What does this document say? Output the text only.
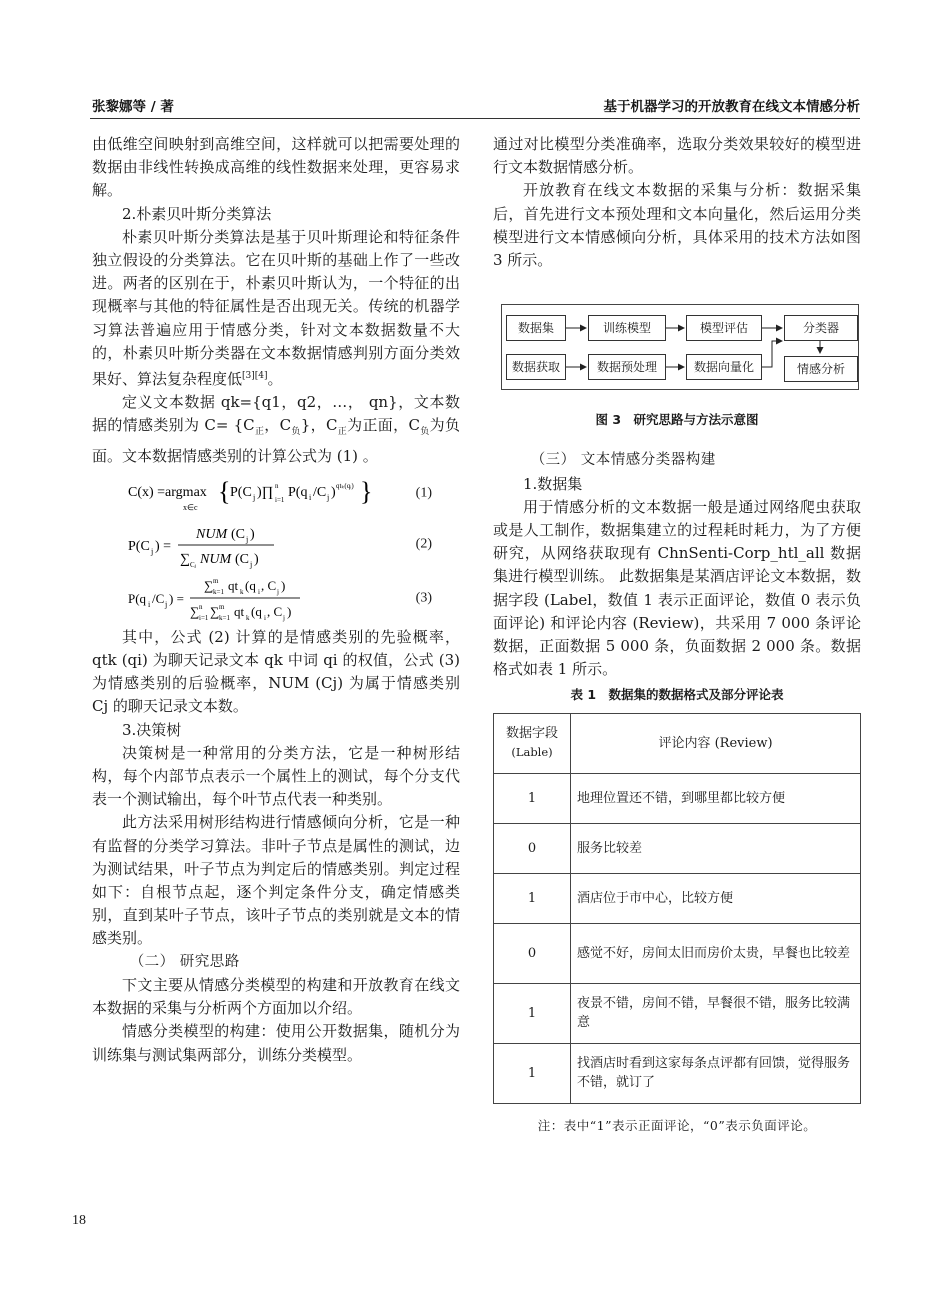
张黎娜等 / 著	基于机器学习的开放教育在线文本情感分析

由低维空间映射到高维空间，这样就可以把需要处理的数据由非线性转换成高维的线性数据来处理，更容易求解。

2.朴素贝叶斯分类算法

朴素贝叶斯分类算法是基于贝叶斯理论和特征条件独立假设的分类算法。它在贝叶斯的基础上作了一些改进。两者的区别在于，朴素贝叶斯认为，一个特征的出现概率与其他的特征属性是否出现无关。传统的机器学习算法普遍应用于情感分类，针对文本数据数量不大的，朴素贝叶斯分类器在文本数据情感判别方面分类效果好、算法复杂程度低[3][4]。

定义文本数据 qk={q1，q2，…， qn}，文本数据的情感类别为 $C= \{C_正$，$C_负$}，$C_正$为正面，$C_负$为负面。文本数据情感类别的计算公式为 (1) 。

C(x) =argmax
x∈c
{ P(C j )∏ n
i=1 P(q i /C j ) qtₖ(qᵢ) }	(1)
P(C j ) =
NUM (C j )
∑ Cⱼ NUM (C j )
(2)
P(q i /C j ) =
∑ m
k=1 qt k (q i , C j )
∑ n
i=1 ∑ m
k=1 qt k (q i , C j )
(3)

其中，公式 (2) 计算的是情感类别的先验概率，qtk (qi) 为聊天记录文本 qk 中词 qi 的权值，公式 (3) 为情感类别的后验概率，NUM (Cj) 为属于情感类别 Cj 的聊天记录文本数。

3.决策树

决策树是一种常用的分类方法，它是一种树形结构，每个内部节点表示一个属性上的测试，每个分支代表一个测试输出，每个叶节点代表一种类别。

此方法采用树形结构进行情感倾向分析，它是一种有监督的分类学习算法。非叶子节点是属性的测试，边为测试结果，叶子节点为判定后的情感类别。判定过程如下：自根节点起，逐个判定条件分支，确定情感类别，直到某叶子节点，该叶子节点的类别就是文本的情感类别。

（二） 研究思路

下文主要从情感分类模型的构建和开放教育在线文本数据的采集与分析两个方面加以介绍。

情感分类模型的构建：使用公开数据集，随机分为训练集与测试集两部分，训练分类模型。

通过对比模型分类准确率，选取分类效果较好的模型进行文本数据情感分析。

开放教育在线文本数据的采集与分析：数据采集后，首先进行文本预处理和文本向量化，然后运用分类模型进行文本情感倾向分析，具体采用的技术方法如图 3 所示。

数据集	训练模型	模型评估	分类器
数据获取	数据预处理	数据向量化	情感分析
图 3　研究思路与方法示意图

（三） 文本情感分类器构建

1.数据集

用于情感分析的文本数据一般是通过网络爬虫获取或是人工制作，数据集建立的过程耗时耗力，为了方便研究，从网络获取现有 ChnSenti-Corp_htl_all 数据集进行模型训练。 此数据集是某酒店评论文本数据，数据字段 (Label，数值 1 表示正面评论，数值 0 表示负面评论) 和评论内容 (Review)，共采用 7 000 条评论数据，正面数据 5 000 条，负面数据 2 000 条。数据格式如表 1 所示。

表 1　数据集的数据格式及部分评论表
数据字段
(Lable)	评论内容 (Review)
1	地理位置还不错，到哪里都比较方便
0	服务比较差
1	酒店位于市中心，比较方便
0	感觉不好，房间太旧而房价太贵，早餐也比较差
1	夜景不错，房间不错，早餐很不错，服务比较满意
1	找酒店时看到这家每条点评都有回馈，觉得服务不错，就订了
注：表中“1”表示正面评论，“0”表示负面评论。
18
